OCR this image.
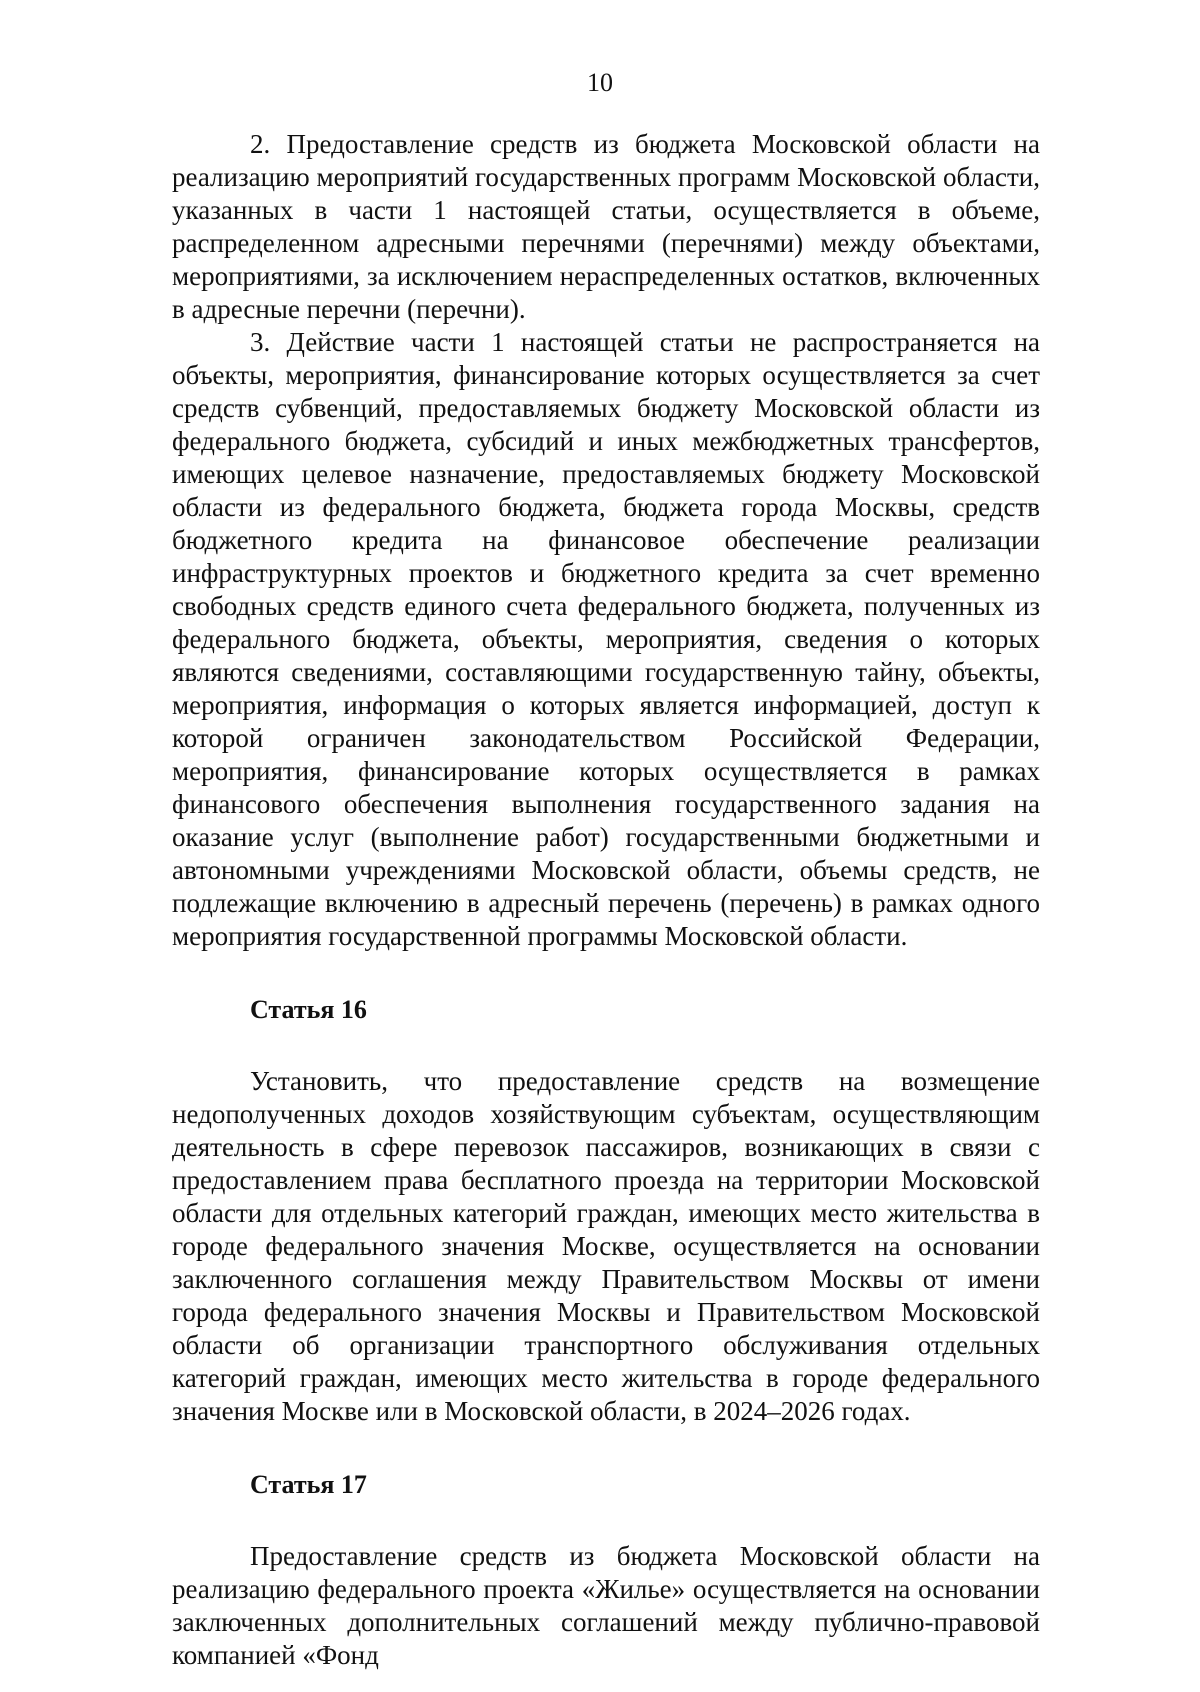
10

2. Предоставление средств из бюджета Московской области на реализацию мероприятий государственных программ Московской области, указанных в части 1 настоящей статьи, осуществляется в объеме, распределенном адресными перечнями (перечнями) между объектами, мероприятиями, за исключением нераспределенных остатков, включенных в адресные перечни (перечни).

3. Действие части 1 настоящей статьи не распространяется на объекты, мероприятия, финансирование которых осуществляется за счет средств субвенций, предоставляемых бюджету Московской области из федерального бюджета, субсидий и иных межбюджетных трансфертов, имеющих целевое назначение, предоставляемых бюджету Московской области из федерального бюджета, бюджета города Москвы, средств бюджетного кредита на финансовое обеспечение реализации инфраструктурных проектов и бюджетного кредита за счет временно свободных средств единого счета федерального бюджета, полученных из федерального бюджета, объекты, мероприятия, сведения о которых являются сведениями, составляющими государственную тайну, объекты, мероприятия, информация о которых является информацией, доступ к которой ограничен законодательством Российской Федерации, мероприятия, финансирование которых осуществляется в рамках финансового обеспечения выполнения государственного задания на оказание услуг (выполнение работ) государственными бюджетными и автономными учреждениями Московской области, объемы средств, не подлежащие включению в адресный перечень (перечень) в рамках одного мероприятия государственной программы Московской области.

Статья 16

Установить, что предоставление средств на возмещение недополученных доходов хозяйствующим субъектам, осуществляющим деятельность в сфере перевозок пассажиров, возникающих в связи с предоставлением права бесплатного проезда на территории Московской области для отдельных категорий граждан, имеющих место жительства в городе федерального значения Москве, осуществляется на основании заключенного соглашения между Правительством Москвы от имени города федерального значения Москвы и Правительством Московской области об организации транспортного обслуживания отдельных категорий граждан, имеющих место жительства в городе федерального значения Москве или в Московской области, в 2024–2026 годах.

Статья 17

Предоставление средств из бюджета Московской области на реализацию федерального проекта «Жилье» осуществляется на основании заключенных дополнительных соглашений между публично-правовой компанией «Фонд
